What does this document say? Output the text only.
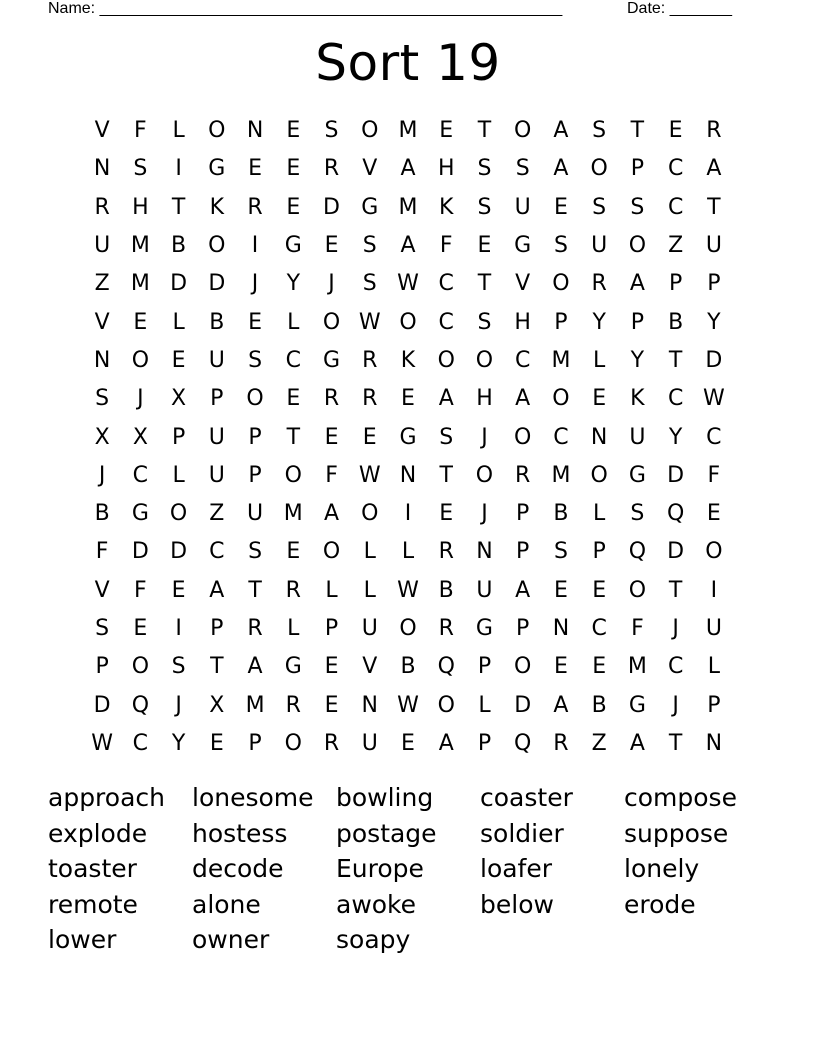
Name: ____________________________________________________	Date: _______
Sort 19
V	F	L	O N	E	S	O M E	T	O	A	S	T	E	R
N	S	I	G	E	E	R	V	A	H	S	S	A	O	P	C	A
R	H	T	K	R	E	D G M K	S	U	E	S	S	C	T
U M B	O	I	G	E	S	A	F	E	G	S	U O	Z	U
Z M D D	J	Y	J	S W C	T	V	O R	A	P	P
V	E	L	B	E	L	O W O C	S	H	P	Y	P	B	Y
N O	E	U	S	C	G	R	K	O O C M	L	Y	T	D
S	J	X	P	O	E	R	R	E	A	H	A	O	E	K	C W
X	X	P	U	P	T	E	E	G	S	J	O C	N U	Y	C
J	C	L	U	P	O	F W N	T	O R M O G D	F
B	G O	Z	U M A	O	I	E	J	P	B	L	S	Q	E
F	D D	C	S	E	O	L	L	R	N	P	S	P	Q D O
V	F	E	A	T	R	L	L W B	U	A	E	E	O	T	I
S	E	I	P	R	L	P	U O R	G	P	N	C	F	J	U
P	O	S	T	A	G	E	V	B	Q	P	O	E	E M C	L
D Q	J	X M R	E	N W O	L	D	A	B	G	J	P
W C	Y	E	P	O R	U	E	A	P	Q R	Z	A	T	N
approach	lonesome bowling	coaster	compose
explode	hostess	postage	soldier	suppose
toaster	decode	Europe	loafer	lonely
remote	alone	awoke	below	erode
lower	owner	soapy
